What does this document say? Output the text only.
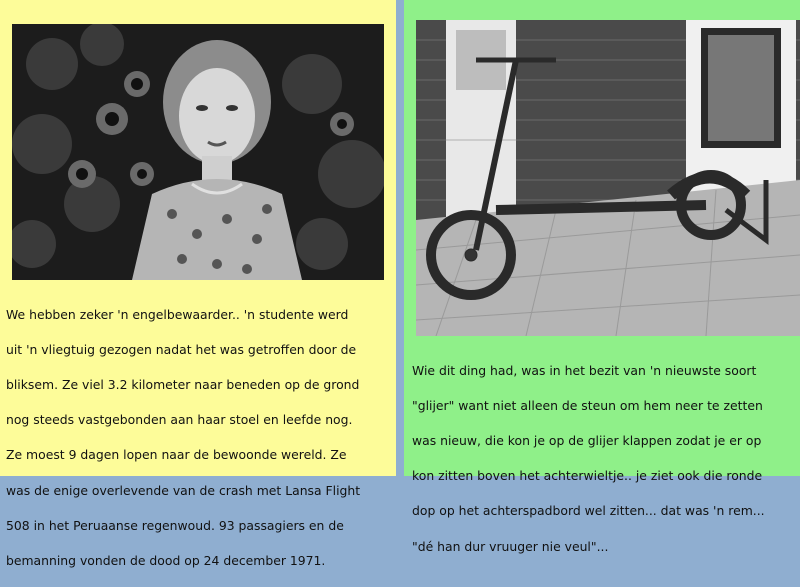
We hebben zeker 'n engelbewaarder.. 'n studente werd

uit 'n vliegtuig gezogen nadat het was getroffen door de

bliksem. Ze viel 3.2 kilometer naar beneden op de grond

nog steeds vastgebonden aan haar stoel en leefde nog.

Ze moest 9 dagen lopen naar de bewoonde wereld. Ze

was de enige overlevende van de crash met Lansa Flight

508 in het Peruaanse regenwoud. 93 passagiers en de

bemanning vonden de dood op 24 december 1971.

Wie dit ding had, was in het bezit van 'n nieuwste soort

"glijer" want niet alleen de steun om hem neer te zetten

was nieuw, die kon je op de glijer klappen zodat je er op

kon zitten boven het achterwieltje.. je ziet ook die ronde

dop op het achterspadbord wel zitten... dat was 'n rem...

"dé han dur vruuger nie veul"...
